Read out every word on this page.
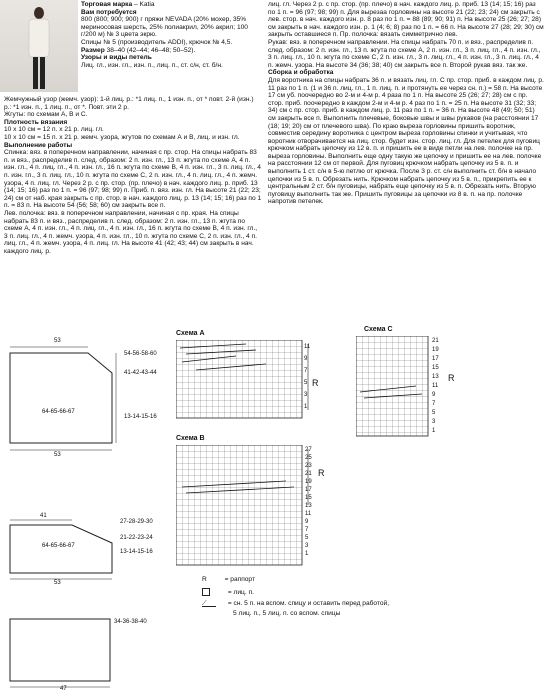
Торговая марка – Katia

Вам потребуется

800 (800; 900; 900) г пряжи NEVADA (20% мохер, 35% мериносовая шерсть, 25% полиакрил, 20% акрил; 100 г/200 м) № 3 цвета экрю.

Спицы № 5 (производитель ADDI), крючок № 4,5.

Размер 38–40 (42–44; 46–48; 50–52).

Узоры и виды петель

Лиц. гл., изн. гл., изн. п., лиц. п., ст. с/н, ст. б/н.

Жемчужный узор (жемч. узор): 1-й лиц. р.: *1 лиц. п., 1 изн. п., от * повт. 2-й (изн.) р.: *1 изн. п., 1 лиц. п., от *. Повт. эти 2 р.

Жгуты: по схемам А, В и С.

Плотность вязания

10 х 10 см = 12 п. х 21 р. лиц. гл.

10 х 10 см = 15 п. х 21 р. жемч. узора, жгутов по схемам А и В, лиц. и изн. гл.

Выполнение работы

Спинка: вяз. в поперечном направлении, начиная с пр. стор. На спицы набрать 83 п. и вяз., распределив п. след. образом: 2 п. изн. гл., 13 п. жгута по схеме А, 4 п. изн. гл., 4 п. лиц. гл., 4 п. изн. гл., 16 п. жгута по схеме В, 4 п. изн. гл., 3 п. лиц. гл., 4 п. изн. гл., 3 п. лиц. гл., 10 п. жгута по схеме С, 2 п. изн. гл., 4 п. лиц. гл., 4 п. жемч. узора, 4 п. лиц. гл. Через 2 р. с пр. стор. (пр. плечо) в нач. каждого лиц. р. приб. 13 (14; 15; 16) раз по 1 п. = 96 (97; 98; 99) п. Приб. п. вяз. изн. гл. На высоте 21 (22; 23; 24) см от наб. края закрыть с пр. стор. в нач. каждого лиц. р. 13 (14; 15; 16) раз по 1 п. = 83 п. На высоте 54 (56; 58; 60) см закрыть все п.

Лев. полочка: вяз. в поперечном направлении, начиная с пр. края. На спицы набрать 83 п. и вяз., распределив п. след. образом: 2 п. изн. гл., 13 п. жгута по схеме А, 4 п. изн. гл., 4 п. лиц. гл., 4 п. изн. гл., 16 п. жгута по схеме В, 4 п. изн. гл., 3 п. лиц. гл., 4 п. жемч. узора, 4 п. изн. гл., 10 п. жгута по схеме С, 2 п. изн. гл., 4 п. лиц. гл., 4 п. жемч. узора, 4 п. лиц. гл. На высоте 41 (42; 43; 44) см закрыть в нач. каждого лиц. р.

лиц. гл. Через 2 р. с пр. стор. (пр. плечо) в нач. каждого лиц. р. приб. 13 (14; 15; 16) раз по 1 п. = 96 (97; 98; 99) п. Для вырезаa горловины на высоте 21 (22; 23; 24) см закрыть с лев. стор. в нач. каждого изн. р. 8 раз по 1 п. = 88 (89; 90; 91) п. На высоте 25 (26; 27; 28) см закрыть в нач. каждого изн. р. 1 (4; 6; 8) раз по 1 п. = 66 п. На высоте 27 (28; 29; 30) см закрыть оставшиеся п. Пр. полочка: вязать симметрично лев.

Рукав: вяз. в поперечном направлении. На спицы набрать 70 п. и вяз., распределив п. след. образом: 2 п. изн. гл., 13 п. жгута по схеме А, 2 п. изн. гл., 3 п. лиц. гл., 4 п. изн. гл., 3 п. лиц. гл., 10 п. жгута по схеме С, 2 п. изн. гл., 3 п. лиц. гл., 4 п. изн. гл., 3 п. лиц. гл., 4 п. жемч. узора. На высоте 34 (36; 38; 40) см закрыть все п. Второй рукав вяз. так же.

Сборка и обработка

Для воротника на спицы набрать 36 п. и вязать лиц. гл. С пр. стор. приб. в каждом лиц. р. 11 раз по 1 п. (1 и 36 п. лиц. гл., 1 п. лиц. п. и протянуть ее через сн. п.) = 58 п. На высоте 17 см уб. поочередно во 2-м и 4-м р. 4 раза по 1 п. На высоте 25 (26; 27; 28) см с пр. стор. приб. поочередно в каждом 2-м и 4-м р. 4 раз по 1 п. = 25 п. На высоте 31 (32; 33; 34) см с пр. стор. приб. в каждом лиц. р. 11 раз по 1 п. = 36 п. На высоте 48 (49; 50; 51) см закрыть все п. Выполнить плечевые, боковые швы и швы рукавов (на расстоянии 17 (18; 19; 20) см от плечевого шва). По краю выреза горловины пришить воротник, совместив середину воротника с центром выреза горловины спинки и учитывая, что воротник отворачивается на лиц. стор. будет изн. стор. лиц. гл. Для петелек для пуговиц крючком набрать цепочку из 12 в. п. и пришить ее в виде петли на лев. полочке на пр. выреза горловины. Выполнить еще одну такую же цепочку и пришить ее на лев. полочке на расстоянии 12 см от первой. Для пуговиц крючком набрать цепочку из 5 в. п. и выполнить 1 ст. с/н в 5-ю петлю от крючка. После 3 р. ст. с/н выполнить ст. б/н в начало цепочки из 5 в. п. Обрезать нить. Крючком набрать цепочку из 5 в. п., прикрепить ее к центральным 2 ст. б/н пуговицы, набрать еще цепочку из 5 в. п. Обрезать нить. Вторую пуговицу выполнить так же. Пришить пуговицы за цепочки из 8 в. п. на пр. полочке напротив петелек.

53
54-56-58-60
41-42-43-44
64-65-66-67
13-14-15-16
53
41
27-28-29-30
21-22-23-24
13-14-15-16
64-65-66-67
53
34-36-38-40
47
Схема A
R
11
9
7
5
3
1
Схема C
R
21
19
17
15
13
11
9
7
5
3
1
Схема B
R
27
25
23
21
19
17
15
13
11
9
7
5
3
1
R	= раппорт
= лиц. п.
⟋	= сн. 5 п. на вспом. спицу и оставить перед работой,
5 лиц. п., 5 лиц. п. со вспом. спицы
